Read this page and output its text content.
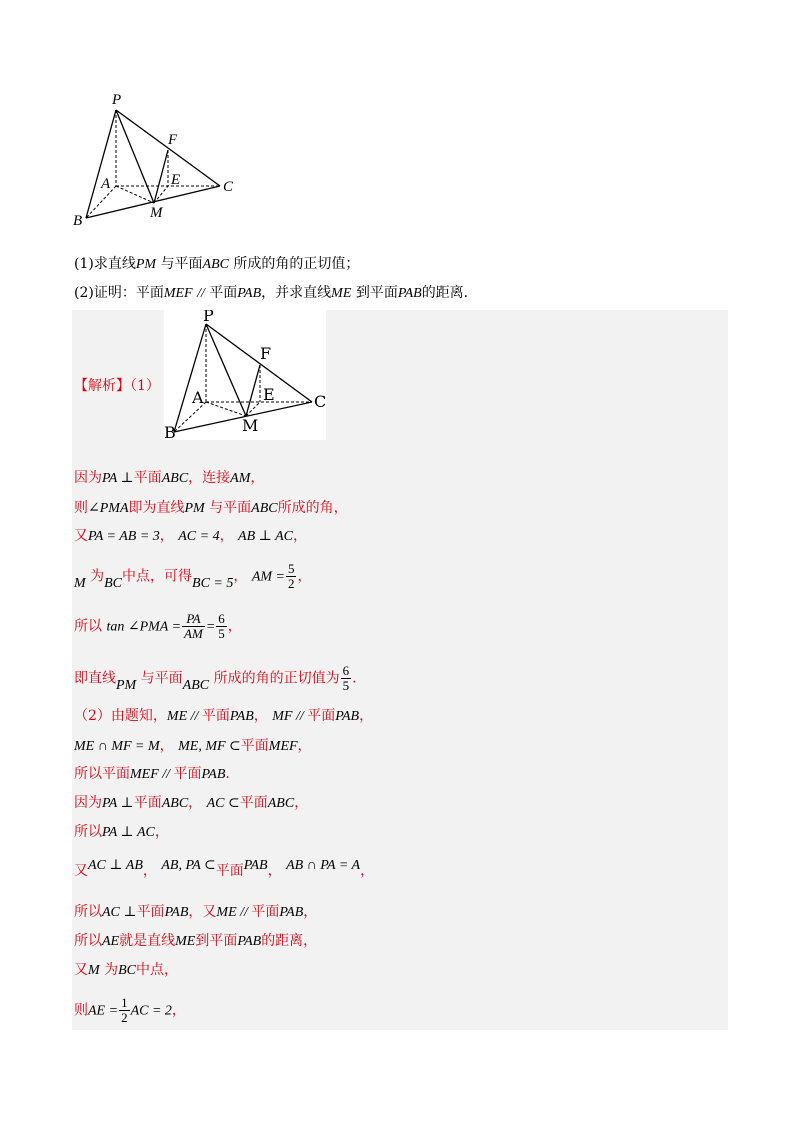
P
F
A	E	C
B	M
(1)求直线PM 与平面ABC 所成的角的正切值；
(2)证明：平面MEF // 平面PAB，并求直线ME 到平面PAB的距离.
P
F
A	E C
B	M
【解析】（1）
因为PA ⊥平面ABC，连接AM，
则∠PMA即为直线PM 与平面ABC所成的角，
又PA = AB = 3， AC = 4， AB ⊥ AC，
M 为BC中点，可得BC = 5， AM = $\frac{5}{2}$ ，
所以 tan ∠PMA = $\frac{PA}{AM} = \frac{6}{5}$ ，
即直线PM 与平面ABC 所成的角的正切值为 $\frac{6}{5}$ .
（2）由题知，ME // 平面PAB， MF // 平面PAB，
ME ∩ MF = M， ME, MF ⊂平面MEF，
所以平面MEF // 平面PAB.
因为PA ⊥平面ABC， AC ⊂平面ABC，
所以PA ⊥ AC，
又AC ⊥ AB， AB, PA ⊂平面PAB， AB ∩ PA = A，
所以AC ⊥平面PAB，又ME // 平面PAB，
所以AE就是直线ME到平面PAB的距离，
又M 为BC中点，
则AE = $\frac{1}{2}$ AC = 2，
